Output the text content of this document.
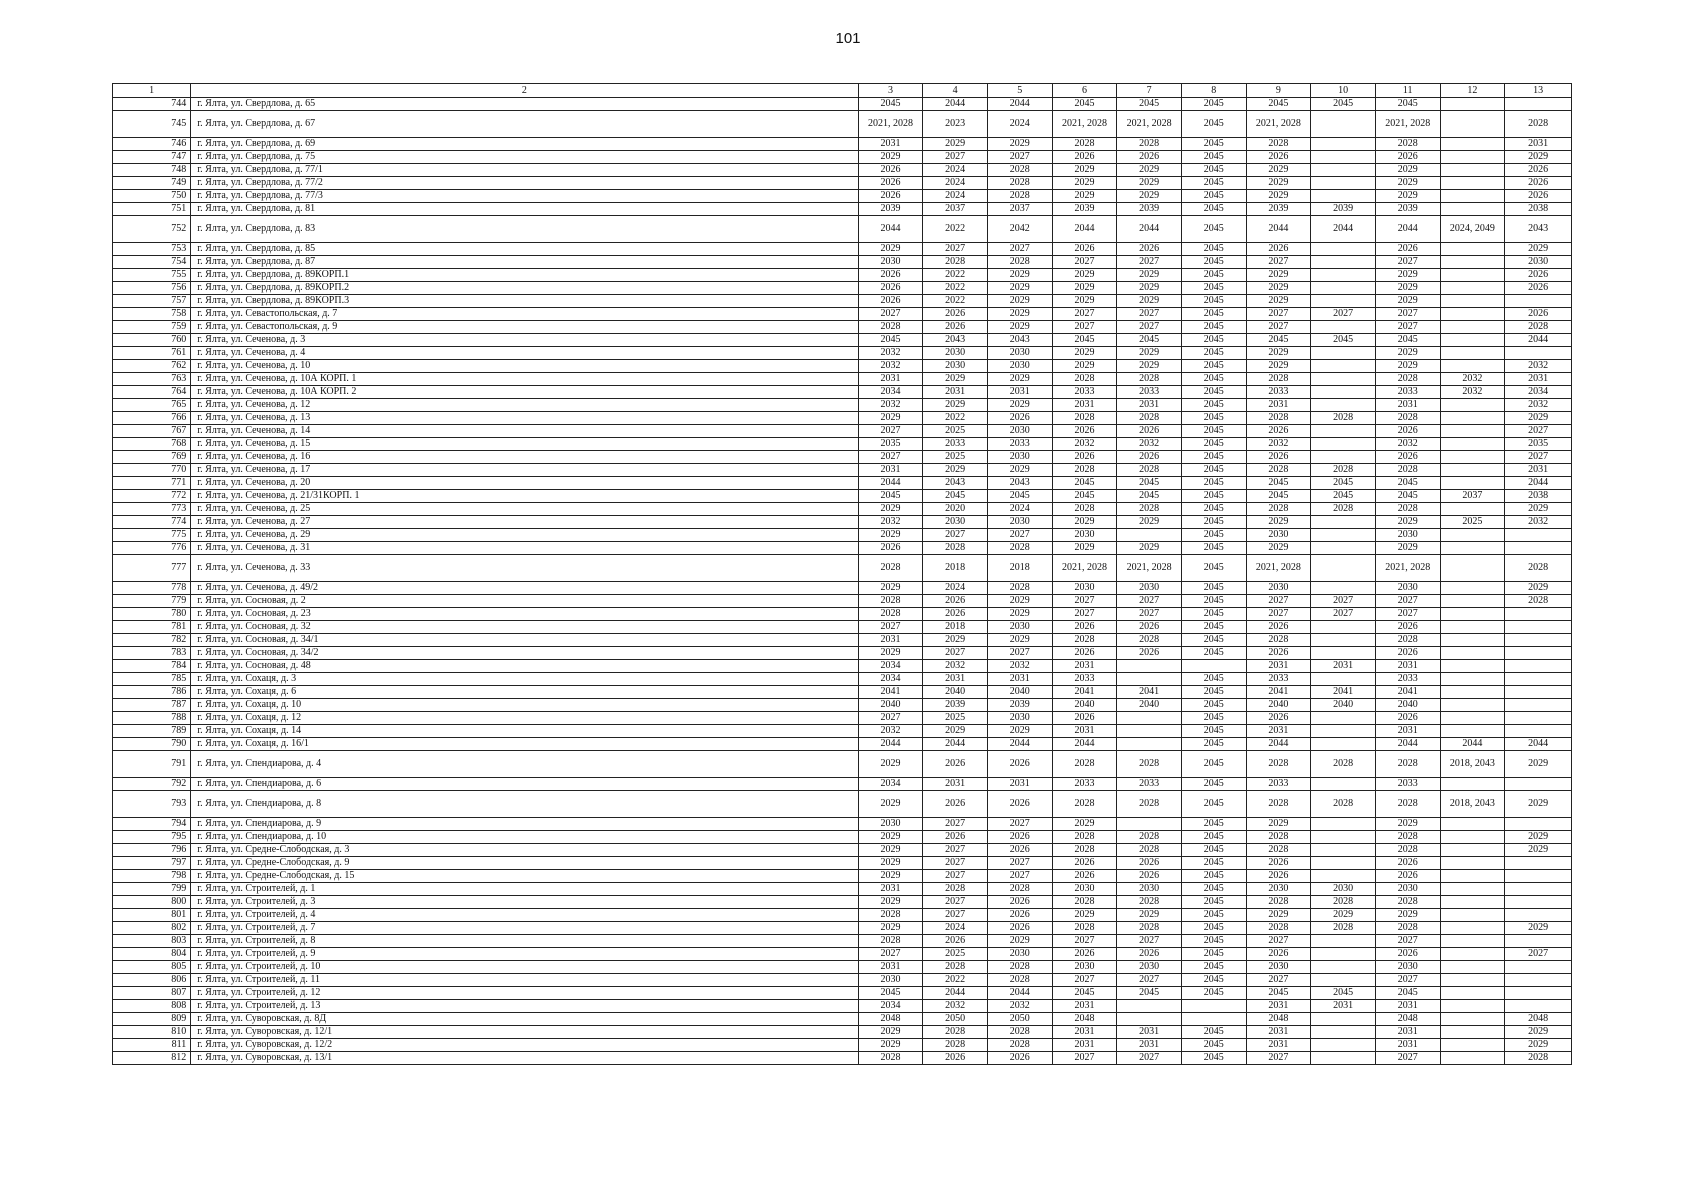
101
1	2	3	4	5	6	7	8	9	10	11	12	13
744	г. Ялта, ул. Свердлова, д. 65	2045	2044	2044	2045	2045	2045	2045	2045	2045		
745	г. Ялта, ул. Свердлова, д. 67	2021, 2028	2023	2024	2021, 2028	2021, 2028	2045	2021, 2028		2021, 2028		2028
746	г. Ялта, ул. Свердлова, д. 69	2031	2029	2029	2028	2028	2045	2028		2028		2031
747	г. Ялта, ул. Свердлова, д. 75	2029	2027	2027	2026	2026	2045	2026		2026		2029
748	г. Ялта, ул. Свердлова, д. 77/1	2026	2024	2028	2029	2029	2045	2029		2029		2026
749	г. Ялта, ул. Свердлова, д. 77/2	2026	2024	2028	2029	2029	2045	2029		2029		2026
750	г. Ялта, ул. Свердлова, д. 77/3	2026	2024	2028	2029	2029	2045	2029		2029		2026
751	г. Ялта, ул. Свердлова, д. 81	2039	2037	2037	2039	2039	2045	2039	2039	2039		2038
752	г. Ялта, ул. Свердлова, д. 83	2044	2022	2042	2044	2044	2045	2044	2044	2044	2024, 2049	2043
753	г. Ялта, ул. Свердлова, д. 85	2029	2027	2027	2026	2026	2045	2026		2026		2029
754	г. Ялта, ул. Свердлова, д. 87	2030	2028	2028	2027	2027	2045	2027		2027		2030
755	г. Ялта, ул. Свердлова, д. 89КОРП.1	2026	2022	2029	2029	2029	2045	2029		2029		2026
756	г. Ялта, ул. Свердлова, д. 89КОРП.2	2026	2022	2029	2029	2029	2045	2029		2029		2026
757	г. Ялта, ул. Свердлова, д. 89КОРП.3	2026	2022	2029	2029	2029	2045	2029		2029		
758	г. Ялта, ул. Севастопольская, д. 7	2027	2026	2029	2027	2027	2045	2027	2027	2027		2026
759	г. Ялта, ул. Севастопольская, д. 9	2028	2026	2029	2027	2027	2045	2027		2027		2028
760	г. Ялта, ул. Сеченова, д. 3	2045	2043	2043	2045	2045	2045	2045	2045	2045		2044
761	г. Ялта, ул. Сеченова, д. 4	2032	2030	2030	2029	2029	2045	2029		2029		
762	г. Ялта, ул. Сеченова, д. 10	2032	2030	2030	2029	2029	2045	2029		2029		2032
763	г. Ялта, ул. Сеченова, д. 10А КОРП. 1	2031	2029	2029	2028	2028	2045	2028		2028	2032	2031
764	г. Ялта, ул. Сеченова, д. 10А КОРП. 2	2034	2031	2031	2033	2033	2045	2033		2033	2032	2034
765	г. Ялта, ул. Сеченова, д. 12	2032	2029	2029	2031	2031	2045	2031		2031		2032
766	г. Ялта, ул. Сеченова, д. 13	2029	2022	2026	2028	2028	2045	2028	2028	2028		2029
767	г. Ялта, ул. Сеченова, д. 14	2027	2025	2030	2026	2026	2045	2026		2026		2027
768	г. Ялта, ул. Сеченова, д. 15	2035	2033	2033	2032	2032	2045	2032		2032		2035
769	г. Ялта, ул. Сеченова, д. 16	2027	2025	2030	2026	2026	2045	2026		2026		2027
770	г. Ялта, ул. Сеченова, д. 17	2031	2029	2029	2028	2028	2045	2028	2028	2028		2031
771	г. Ялта, ул. Сеченова, д. 20	2044	2043	2043	2045	2045	2045	2045	2045	2045		2044
772	г. Ялта, ул. Сеченова, д. 21/31КОРП. 1	2045	2045	2045	2045	2045	2045	2045	2045	2045	2037	2038
773	г. Ялта, ул. Сеченова, д. 25	2029	2020	2024	2028	2028	2045	2028	2028	2028		2029
774	г. Ялта, ул. Сеченова, д. 27	2032	2030	2030	2029	2029	2045	2029		2029	2025	2032
775	г. Ялта, ул. Сеченова, д. 29	2029	2027	2027	2030		2045	2030		2030		
776	г. Ялта, ул. Сеченова, д. 31	2026	2028	2028	2029	2029	2045	2029		2029		
777	г. Ялта, ул. Сеченова, д. 33	2028	2018	2018	2021, 2028	2021, 2028	2045	2021, 2028		2021, 2028		2028
778	г. Ялта, ул. Сеченова, д. 49/2	2029	2024	2028	2030	2030	2045	2030		2030		2029
779	г. Ялта, ул. Сосновая, д. 2	2028	2026	2029	2027	2027	2045	2027	2027	2027		2028
780	г. Ялта, ул. Сосновая, д. 23	2028	2026	2029	2027	2027	2045	2027	2027	2027		
781	г. Ялта, ул. Сосновая, д. 32	2027	2018	2030	2026	2026	2045	2026		2026		
782	г. Ялта, ул. Сосновая, д. 34/1	2031	2029	2029	2028	2028	2045	2028		2028		
783	г. Ялта, ул. Сосновая, д. 34/2	2029	2027	2027	2026	2026	2045	2026		2026		
784	г. Ялта, ул. Сосновая, д. 48	2034	2032	2032	2031			2031	2031	2031		
785	г. Ялта, ул. Сохаця, д. 3	2034	2031	2031	2033		2045	2033		2033		
786	г. Ялта, ул. Сохаця, д. 6	2041	2040	2040	2041	2041	2045	2041	2041	2041		
787	г. Ялта, ул. Сохаця, д. 10	2040	2039	2039	2040	2040	2045	2040	2040	2040		
788	г. Ялта, ул. Сохаця, д. 12	2027	2025	2030	2026		2045	2026		2026		
789	г. Ялта, ул. Сохаця, д. 14	2032	2029	2029	2031		2045	2031		2031		
790	г. Ялта, ул. Сохаця, д. 16/1	2044	2044	2044	2044		2045	2044		2044	2044	2044
791	г. Ялта, ул. Спендиарова, д. 4	2029	2026	2026	2028	2028	2045	2028	2028	2028	2018, 2043	2029
792	г. Ялта, ул. Спендиарова, д. 6	2034	2031	2031	2033	2033	2045	2033		2033		
793	г. Ялта, ул. Спендиарова, д. 8	2029	2026	2026	2028	2028	2045	2028	2028	2028	2018, 2043	2029
794	г. Ялта, ул. Спендиарова, д. 9	2030	2027	2027	2029		2045	2029		2029		
795	г. Ялта, ул. Спендиарова, д. 10	2029	2026	2026	2028	2028	2045	2028		2028		2029
796	г. Ялта, ул. Средне-Слободская, д. 3	2029	2027	2026	2028	2028	2045	2028		2028		2029
797	г. Ялта, ул. Средне-Слободская, д. 9	2029	2027	2027	2026	2026	2045	2026		2026		
798	г. Ялта, ул. Средне-Слободская, д. 15	2029	2027	2027	2026	2026	2045	2026		2026		
799	г. Ялта, ул. Строителей, д. 1	2031	2028	2028	2030	2030	2045	2030	2030	2030		
800	г. Ялта, ул. Строителей, д. 3	2029	2027	2026	2028	2028	2045	2028	2028	2028		
801	г. Ялта, ул. Строителей, д. 4	2028	2027	2026	2029	2029	2045	2029	2029	2029		
802	г. Ялта, ул. Строителей, д. 7	2029	2024	2026	2028	2028	2045	2028	2028	2028		2029
803	г. Ялта, ул. Строителей, д. 8	2028	2026	2029	2027	2027	2045	2027		2027		
804	г. Ялта, ул. Строителей, д. 9	2027	2025	2030	2026	2026	2045	2026		2026		2027
805	г. Ялта, ул. Строителей, д. 10	2031	2028	2028	2030	2030	2045	2030		2030		
806	г. Ялта, ул. Строителей, д. 11	2030	2022	2028	2027	2027	2045	2027		2027		
807	г. Ялта, ул. Строителей, д. 12	2045	2044	2044	2045	2045	2045	2045	2045	2045		
808	г. Ялта, ул. Строителей, д. 13	2034	2032	2032	2031			2031	2031	2031		
809	г. Ялта, ул. Суворовская, д. 8Д	2048	2050	2050	2048			2048		2048		2048
810	г. Ялта, ул. Суворовская, д. 12/1	2029	2028	2028	2031	2031	2045	2031		2031		2029
811	г. Ялта, ул. Суворовская, д. 12/2	2029	2028	2028	2031	2031	2045	2031		2031		2029
812	г. Ялта, ул. Суворовская, д. 13/1	2028	2026	2026	2027	2027	2045	2027		2027		2028
